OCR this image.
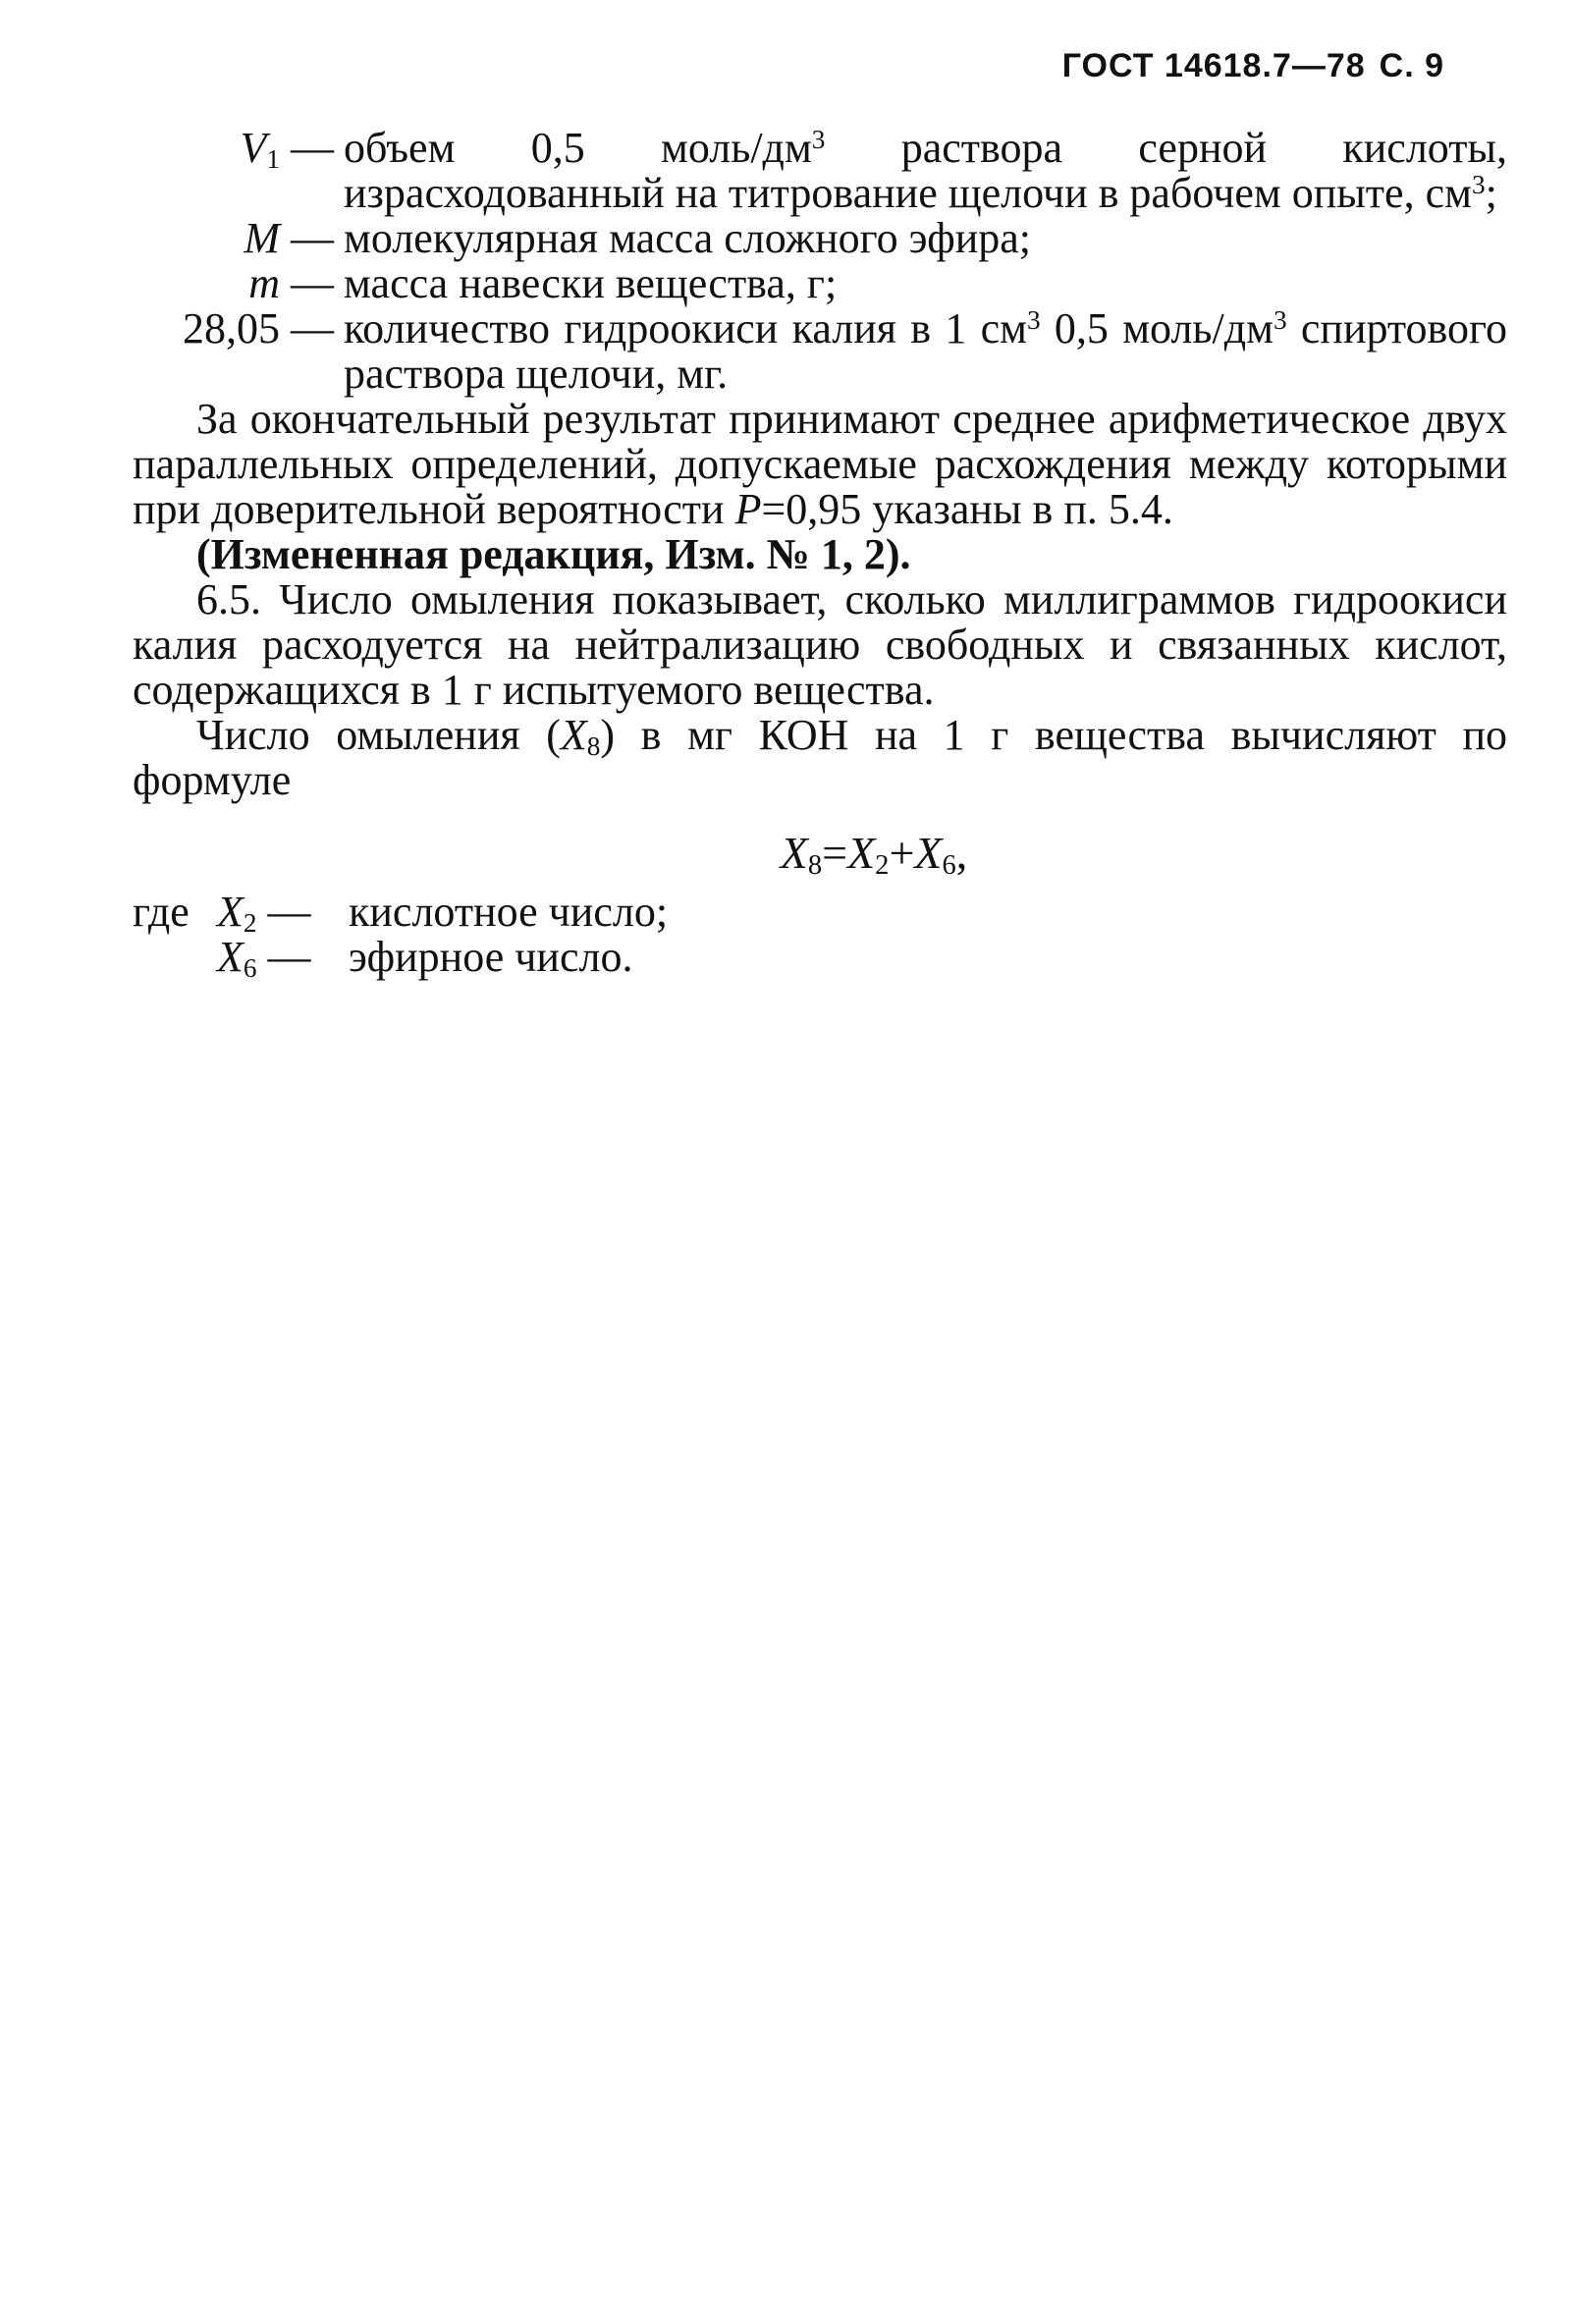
ГОСТ 14618.7—78 С. 9
$V_1$ — объем 0,5 моль/$дм^3$ раствора серной кислоты, израсходованный на титрование щелочи в рабочем опыте, $см^3$;
M — молекулярная масса сложного эфира;
m — масса навески вещества, г;
28,05 — количество гидроокиси калия в 1 $см^3$ 0,5 моль/$дм^3$ спиртового раствора щелочи, мг.

За окончательный результат принимают среднее арифметическое двух параллельных определений, допускаемые расхождения между которыми при доверительной вероятности P=0,95 указаны в п. 5.4.

(Измененная редакция, Изм. № 1, 2).

6.5. Число омыления показывает, сколько миллиграммов гидроокиси калия расходуется на нейтрализацию свободных и связанных кислот, содержащихся в 1 г испытуемого вещества.

Число омыления $(X_8)$ в мг КОН на 1 г вещества вычисляют по формуле

$X_8=X_2+X_6$,
где $X_2$ — кислотное число;
$X_6$ — эфирное число.
